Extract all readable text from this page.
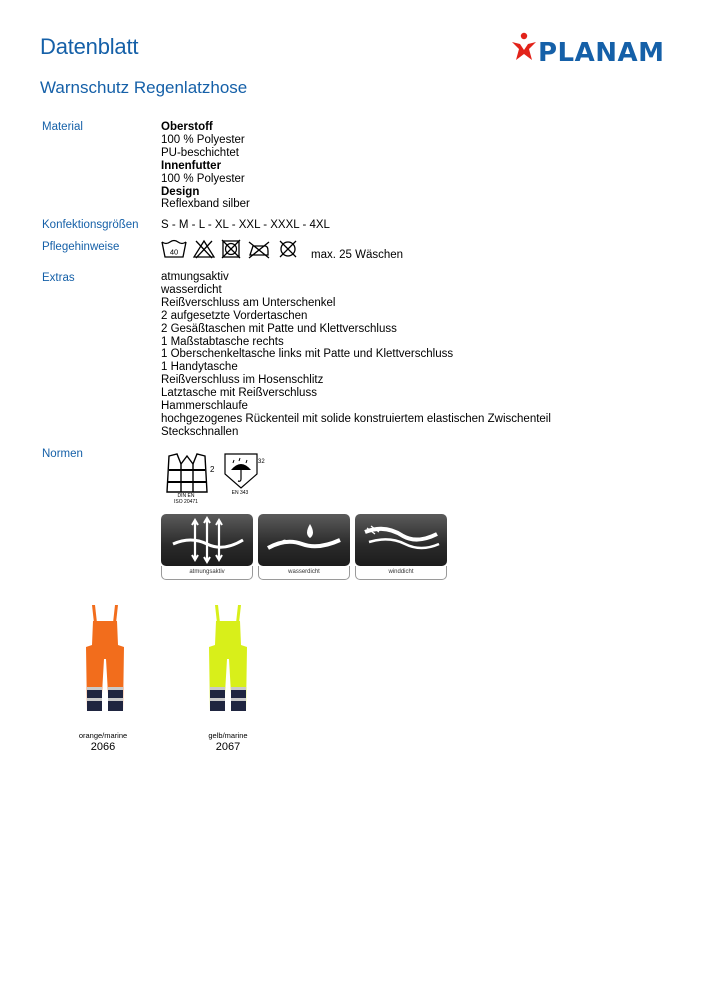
Datenblatt
Warnschutz Regenlatzhose
PLANAM
Material	Oberstoff
100 % Polyester
PU-beschichtet
Innenfutter
100 % Polyester
Design
Reflexband silber
Konfektionsgrößen S - M - L - XL - XXL - XXXL - 4XL
Pflegehinweise	40	max. 25 Wäschen
Extras	atmungsaktiv
wasserdicht
Reißverschluss am Unterschenkel
2 aufgesetzte Vordertaschen
2 Gesäßtaschen mit Patte und Klettverschluss
1 Maßstabtasche rechts
1 Oberschenkeltasche links mit Patte und Klettverschluss
1 Handytasche
Reißverschluss im Hosenschlitz
Latztasche mit Reißverschluss
Hammerschlaufe
hochgezogenes Rückenteil mit solide konstruiertem elastischen Zwischenteil
Steckschnallen
Normen
2
DIN EN
ISO 20471
32
EN 343
atmungsaktiv	wasserdicht	winddicht
orange/marine
2066
gelb/marine
2067
